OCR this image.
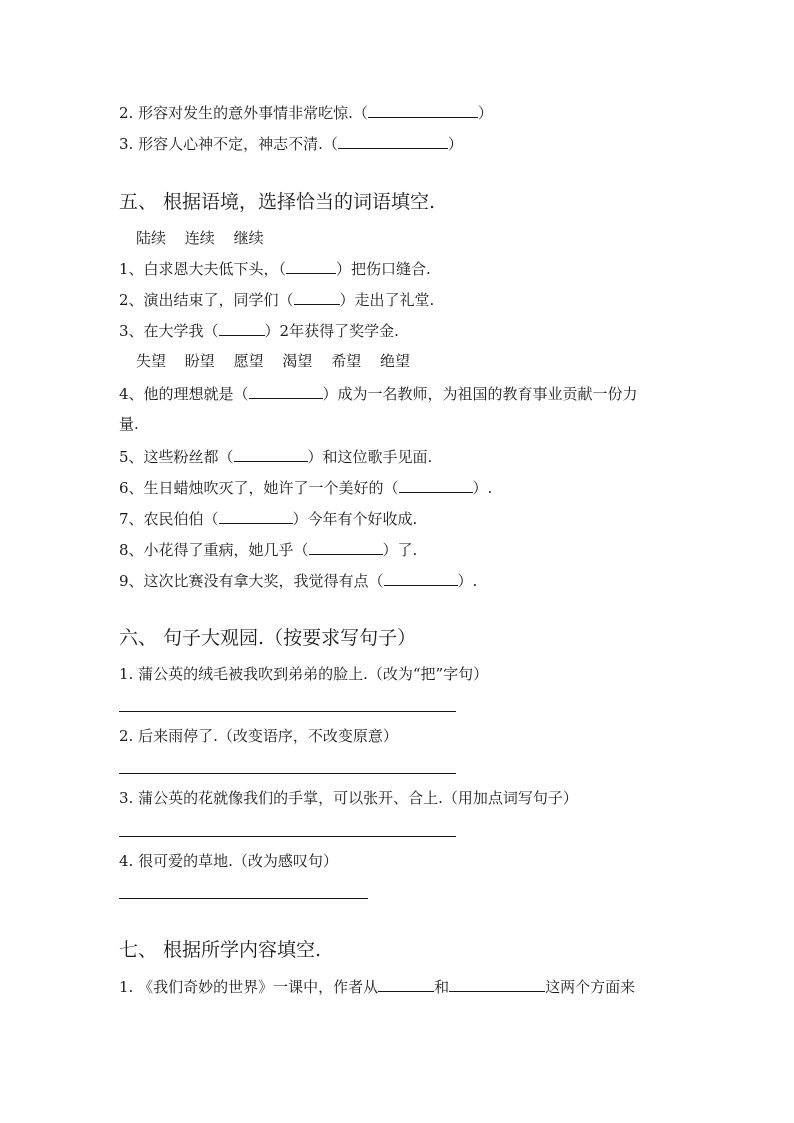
2. 形容对发生的意外事情非常吃惊.（	）
3. 形容人心神不定，神志不清.（	）
五、 根据语境，选择恰当的词语填空.
陆续 连续 继续
1、白求恩大夫低下头，（	）把伤口缝合.
2、演出结束了，同学们（	）走出了礼堂.
3、在大学我（	）2年获得了奖学金.
失望 盼望 愿望 渴望 希望 绝望
4、他的理想就是（	）成为一名教师，为祖国的教育事业贡献一份力
量.
5、这些粉丝都（	）和这位歌手见面.
6、生日蜡烛吹灭了，她许了一个美好的（	）.
7、农民伯伯（	）今年有个好收成.
8、小花得了重病，她几乎（	）了.
9、这次比赛没有拿大奖，我觉得有点（	）.
六、 句子大观园.（按要求写句子）
1. 蒲公英的绒毛被我吹到弟弟的脸上.（改为“把”字句）
2. 后来雨停了.（改变语序，不改变原意）
3. 蒲公英的花就像我们的手掌，可以张开、合上.（用加点词写句子）
4. 很可爱的草地.（改为感叹句）
七、 根据所学内容填空.
1. 《我们奇妙的世界》一课中，作者从	和	这两个方面来
